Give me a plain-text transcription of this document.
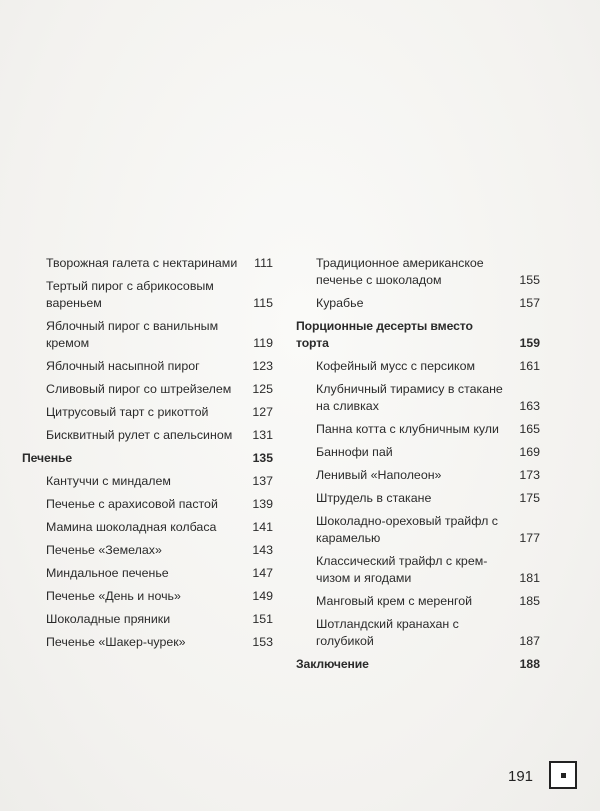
Творожная галета с нектаринами	111
Тертый пирог с абрикосовым вареньем	115
Яблочный пирог с ванильным кремом	119
Яблочный насыпной пирог	123
Сливовый пирог со штрейзелем	125
Цитрусовый тарт с рикоттой	127
Бисквитный рулет с апельсином	131
Печенье	135
Кантуччи с миндалем	137
Печенье с арахисовой пастой	139
Мамина шоколадная колбаса	141
Печенье «Земелах»	143
Миндальное печенье	147
Печенье «День и ночь»	149
Шоколадные пряники	151
Печенье «Шакер-чурек»	153
Традиционное американское печенье с шоколадом	155
Курабье	157
Порционные десерты вместо торта	159
Кофейный мусс с персиком	161
Клубничный тирамису в стакане на сливках	163
Панна котта с клубничным кули	165
Баннофи пай	169
Ленивый «Наполеон»	173
Штрудель в стакане	175
Шоколадно-ореховый трайфл с карамелью	177
Классический трайфл с крем-чизом и ягодами	181
Манговый крем с меренгой	185
Шотландский кранахан с голубикой	187
Заключение	188
191
